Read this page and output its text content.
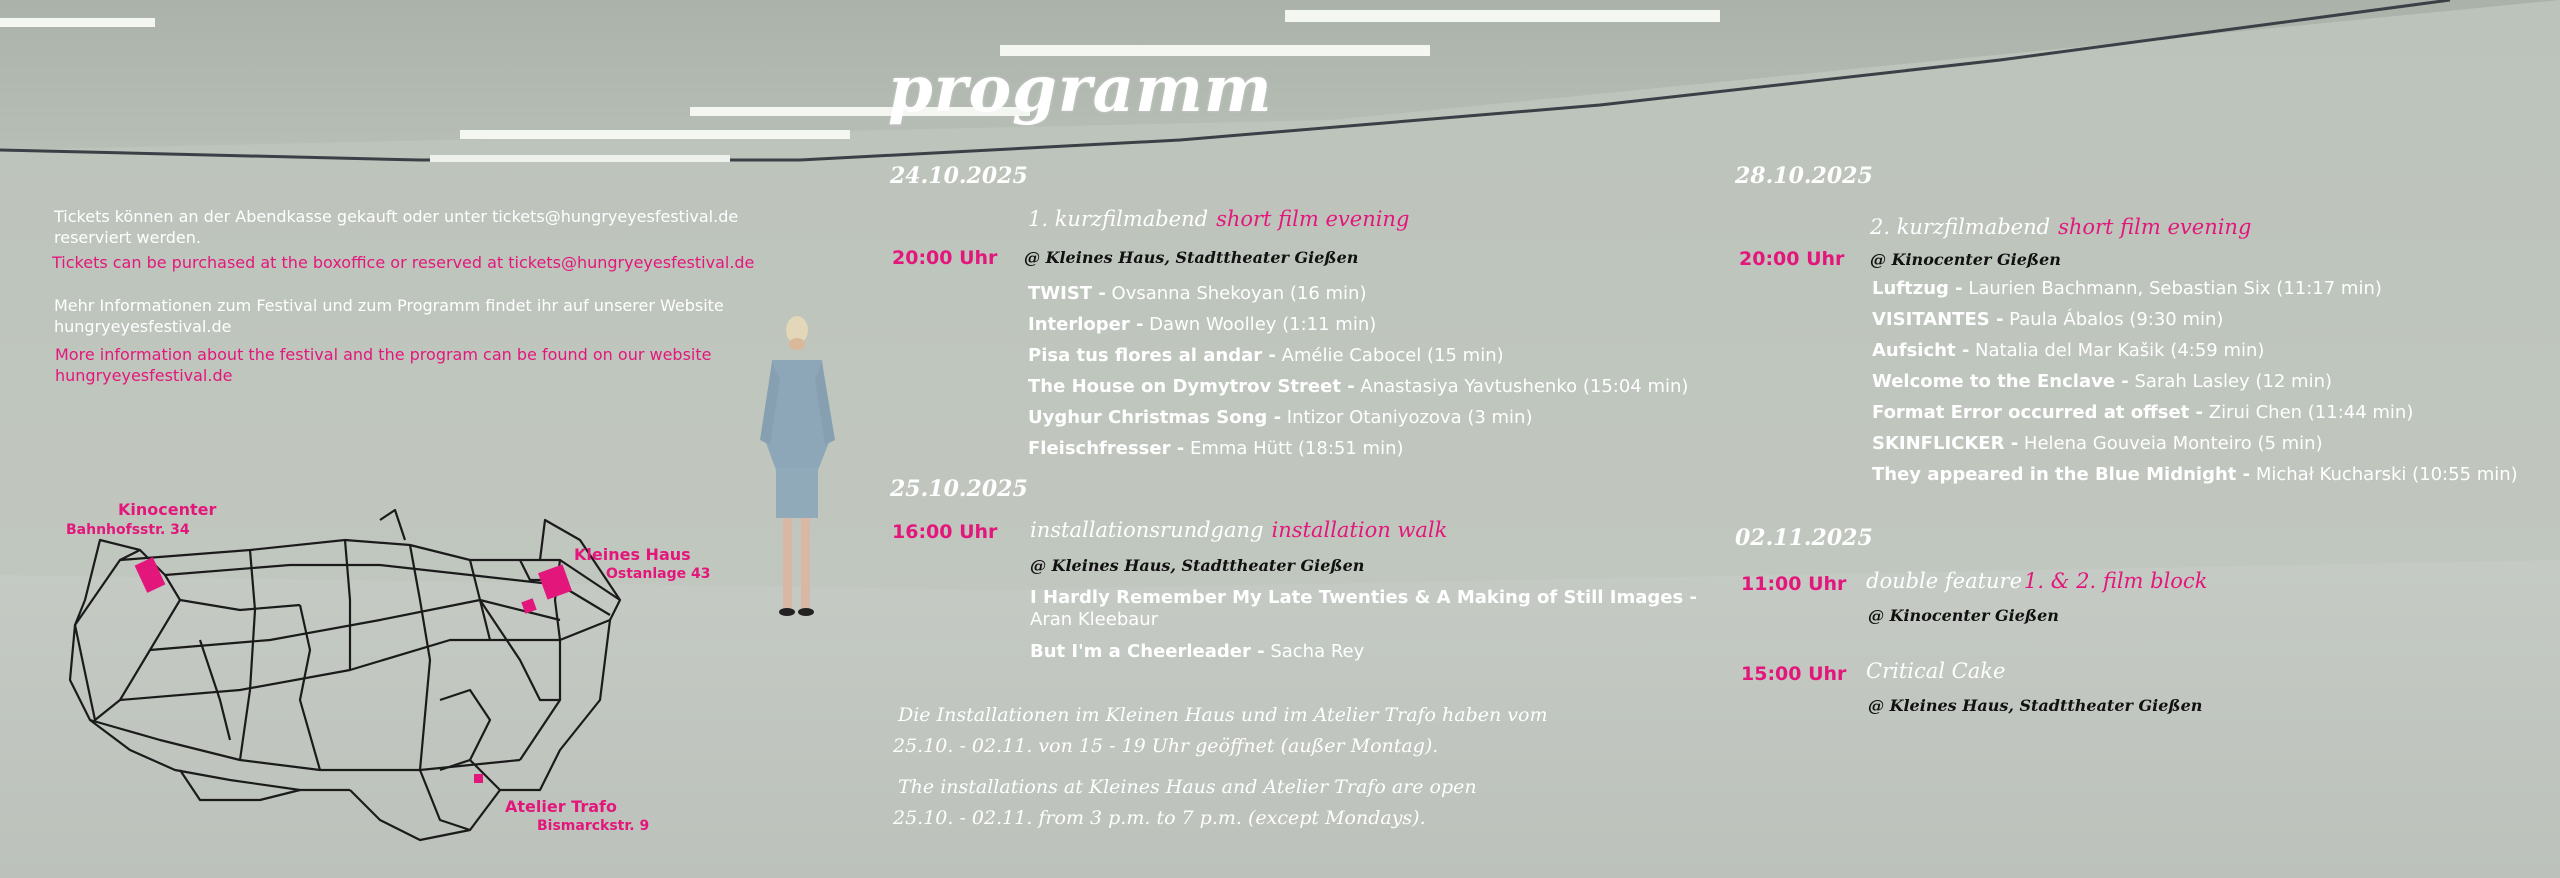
programm
Tickets können an der Abendkasse gekauft oder unter tickets@hungryeyesfestival.de
reserviert werden.
Tickets can be purchased at the boxoffice or reserved at tickets@hungryeyesfestival.de
Mehr Informationen zum Festival und zum Programm findet ihr auf unserer Website
hungryeyesfestival.de
More information about the festival and the program can be found on our website
hungryeyesfestival.de
Kinocenter
Bahnhofsstr. 34
Kleines Haus
Ostanlage 43
Atelier Trafo
Bismarckstr. 9
24.10.2025
1. kurzfilmabend short film evening
20:00 Uhr @ Kleines Haus, Stadttheater Gießen
TWIST - Ovsanna Shekoyan (16 min)
Interloper - Dawn Woolley (1:11 min)
Pisa tus flores al andar - Amélie Cabocel (15 min)
The House on Dymytrov Street - Anastasiya Yavtushenko (15:04 min)
Uyghur Christmas Song - Intizor Otaniyozova (3 min)
Fleischfresser - Emma Hütt (18:51 min)
25.10.2025
16:00 Uhr installationsrundgang installation walk
@ Kleines Haus, Stadttheater Gießen
I Hardly Remember My Late Twenties & A Making of Still Images -
Aran Kleebaur
But I'm a Cheerleader - Sacha Rey
Die Installationen im Kleinen Haus und im Atelier Trafo haben vom
25.10. - 02.11. von 15 - 19 Uhr geöffnet (außer Montag).
The installations at Kleines Haus and Atelier Trafo are open
25.10. - 02.11. from 3 p.m. to 7 p.m. (except Mondays).
28.10.2025
2. kurzfilmabend short film evening
20:00 Uhr @ Kinocenter Gießen
Luftzug - Laurien Bachmann, Sebastian Six (11:17 min)
VISITANTES - Paula Ábalos (9:30 min)
Aufsicht - Natalia del Mar Kašik (4:59 min)
Welcome to the Enclave - Sarah Lasley (12 min)
Format Error occurred at offset - Zirui Chen (11:44 min)
SKINFLICKER - Helena Gouveia Monteiro (5 min)
They appeared in the Blue Midnight - Michał Kucharski (10:55 min)
02.11.2025
11:00 Uhr double feature1. & 2. film block
@ Kinocenter Gießen
15:00 Uhr Critical Cake
@ Kleines Haus, Stadttheater Gießen
